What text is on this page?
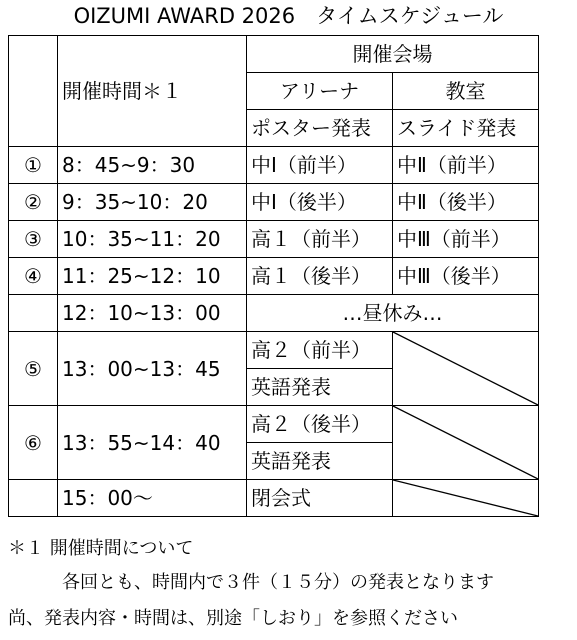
OIZUMI AWARD 2026　タイムスケジュール
	開催時間＊１	開催会場	
		アリーナ	教室
		ポスター発表	スライド発表
①	8：45~9：30	中Ⅰ（前半）	中Ⅱ（前半）
②	9：35~10：20	中Ⅰ（後半）	中Ⅱ（後半）
③	10：35~11：20	高１（前半）	中Ⅲ（前半）
④	11：25~12：10	高１（後半）	中Ⅲ（後半）
	12：10~13：00	…昼休み…	
⑤	13：00~13：45	高２（前半）	

		英語発表	
⑥	13：55~14：40	高２（後半）	

		英語発表	
	15：00～	閉会式	
＊１ 開催時間について
各回とも、時間内で３件（１５分）の発表となります
尚、発表内容・時間は、別途「しおり」を参照ください
